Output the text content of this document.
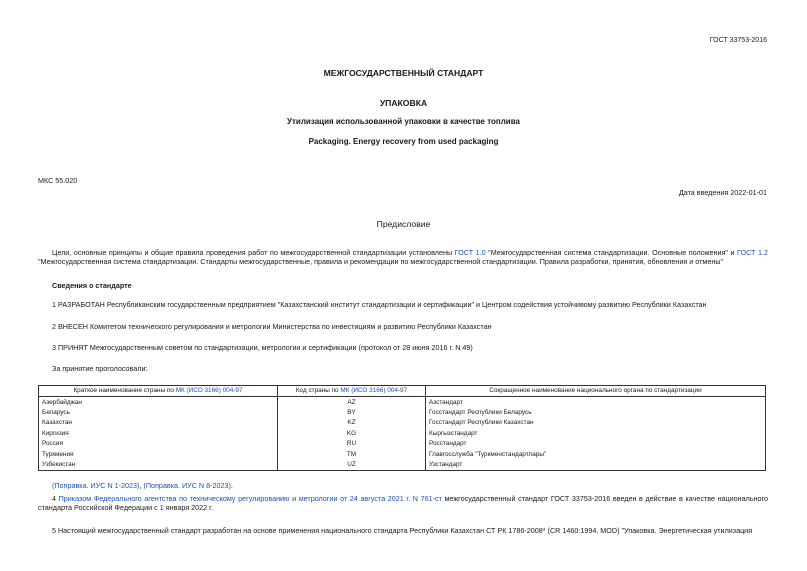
ГОСТ 33753-2016
МЕЖГОСУДАРСТВЕННЫЙ СТАНДАРТ
УПАКОВКА
Утилизация использованной упаковки в качестве топлива
Packaging. Energy recovery from used packaging
МКС 55.020
Дата введения 2022-01-01
Предисловие
Цели, основные принципы и общие правила проведения работ по межгосударственной стандартизации установлены ГОСТ 1.0 "Межгосударственная система стандартизации. Основные положения" и ГОСТ 1.2 "Межгосударственная система стандартизации. Стандарты межгосударственные, правила и рекомендации по межгосударственной стандартизации. Правила разработки, принятия, обновления и отмены"
Сведения о стандарте
1 РАЗРАБОТАН Республиканским государственным предприятием "Казахстанский институт стандартизации и сертификации" и Центром содействия устойчивому развитию Республики Казахстан
2 ВНЕСЕН Комитетом технического регулирования и метрологии Министерства по инвестициям и развитию Республики Казахстан
3 ПРИНЯТ Межгосударственным советом по стандартизации, метрологии и сертификации (протокол от 28 июня 2016 г. N 49)
За принятие проголосовали:
Краткое наименование страны по МК (ИСО 3166) 004-97	Код страны по МК (ИСО 3166) 004-97	Сокращенное наименование национального органа по стандартизации
Азербайджан	AZ	Азстандарт
Беларусь	BY	Госстандарт Республики Беларусь
Казахстан	KZ	Госстандарт Республики Казахстан
Киргизия	KG	Кыргызстандарт
Россия	RU	Росстандарт
Туркмения	TM	Главгосслужба "Туркменстандартлары"
Узбекистан	UZ	Узстандарт
(Поправка. ИУС N 1-2023), (Поправка. ИУС N 8-2023).
4 Приказом Федерального агентства по техническому регулированию и метрологии от 24 августа 2021 г. N 761-ст межгосударственный стандарт ГОСТ 33753-2016 введен в действие в качестве национального стандарта Российской Федерации с 1 января 2022 г.
5 Настоящий межгосударственный стандарт разработан на основе применения национального стандарта Республики Казахстан СТ РК 1786-2008* (CR 1460:1994, MOD) "Упаковка. Энергетическая утилизация
